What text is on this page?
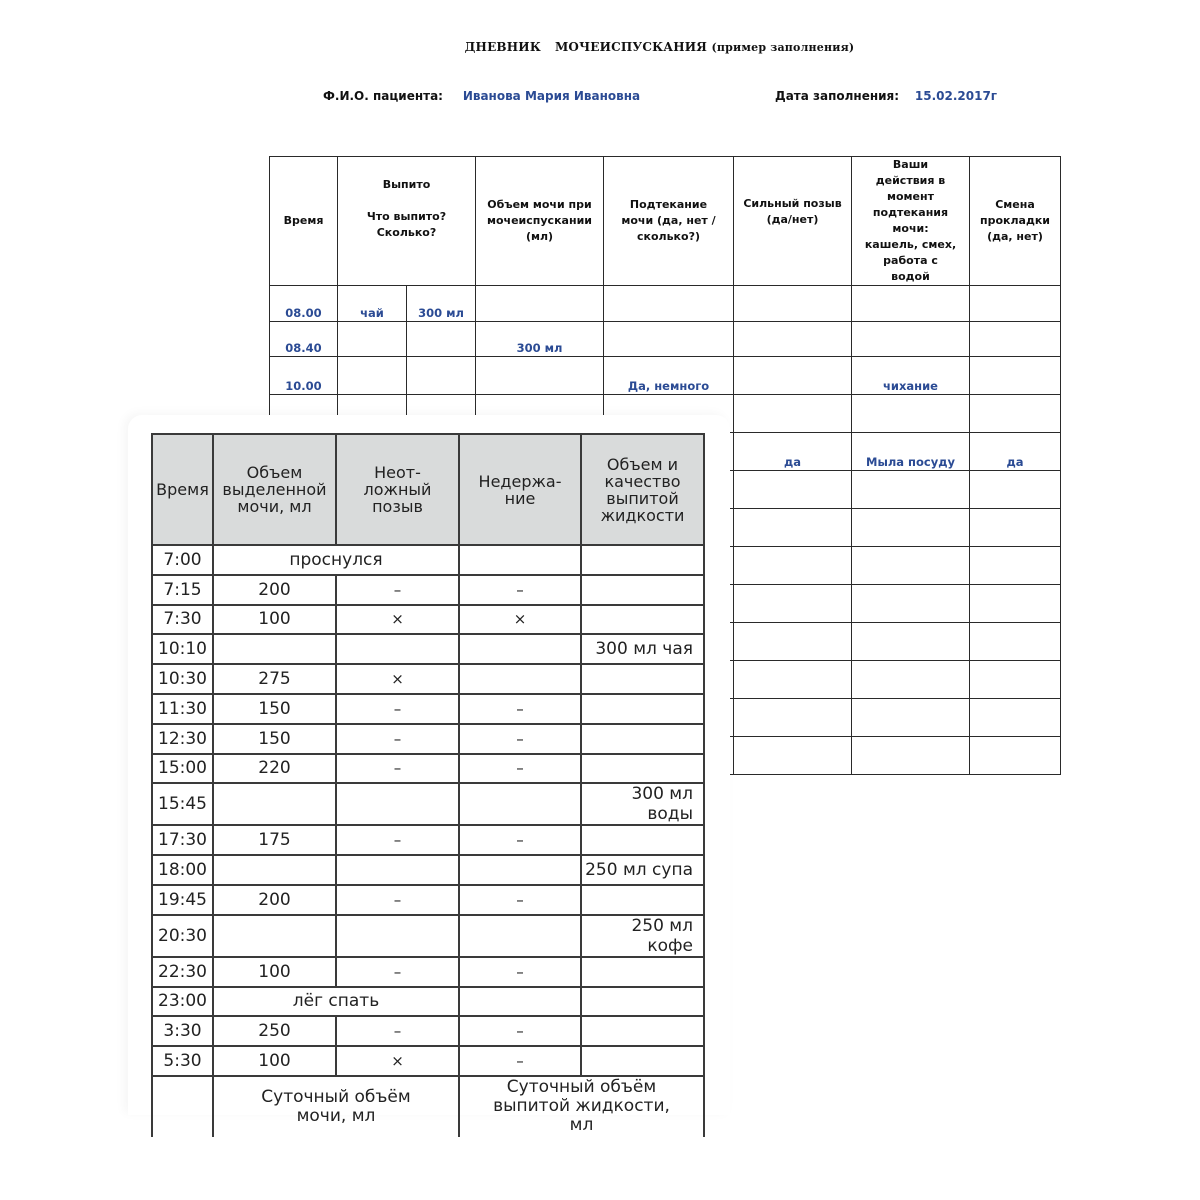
ДНЕВНИК МОЧЕИСПУСКАНИЯ (пример заполнения)
Ф.И.О. пациента: Иванова Мария Ивановна	Дата заполнения: 15.02.2017г
Время	Выпито
Что выпито? Сколько?		Объем мочи при мочеиспускании (мл)	Подтекание мочи (да, нет / сколько?)	Сильный позыв (да/нет)	Ваши действия в момент подтекания мочи: кашель, смех, работа с водой	Смена прокладки (да, нет)
08.00	чай	300 мл					
08.40			300 мл				
10.00				Да, немного		чихание	

					да	Мыла посуду	да

Время	Объем выделенной мочи, мл	Неот-ложный позыв	Недержа-ние	Объем и качество выпитой жидкости
7:00	проснулся			
7:15	200	–	–	
7:30	100	×	×	
10:10				300 мл чая
10:30	275	×		
11:30	150	–	–	
12:30	150	–	–	
15:00	220	–	–	
15:45				300 мл воды
17:30	175	–	–	
18:00				250 мл супа
19:45	200	–	–	
20:30				250 мл кофе
22:30	100	–	–	
23:00	лёг спать			
3:30	250	–	–	
5:30	100	×	–	
	Суточный объём мочи, мл		Суточный объём выпитой жидкости, мл	
